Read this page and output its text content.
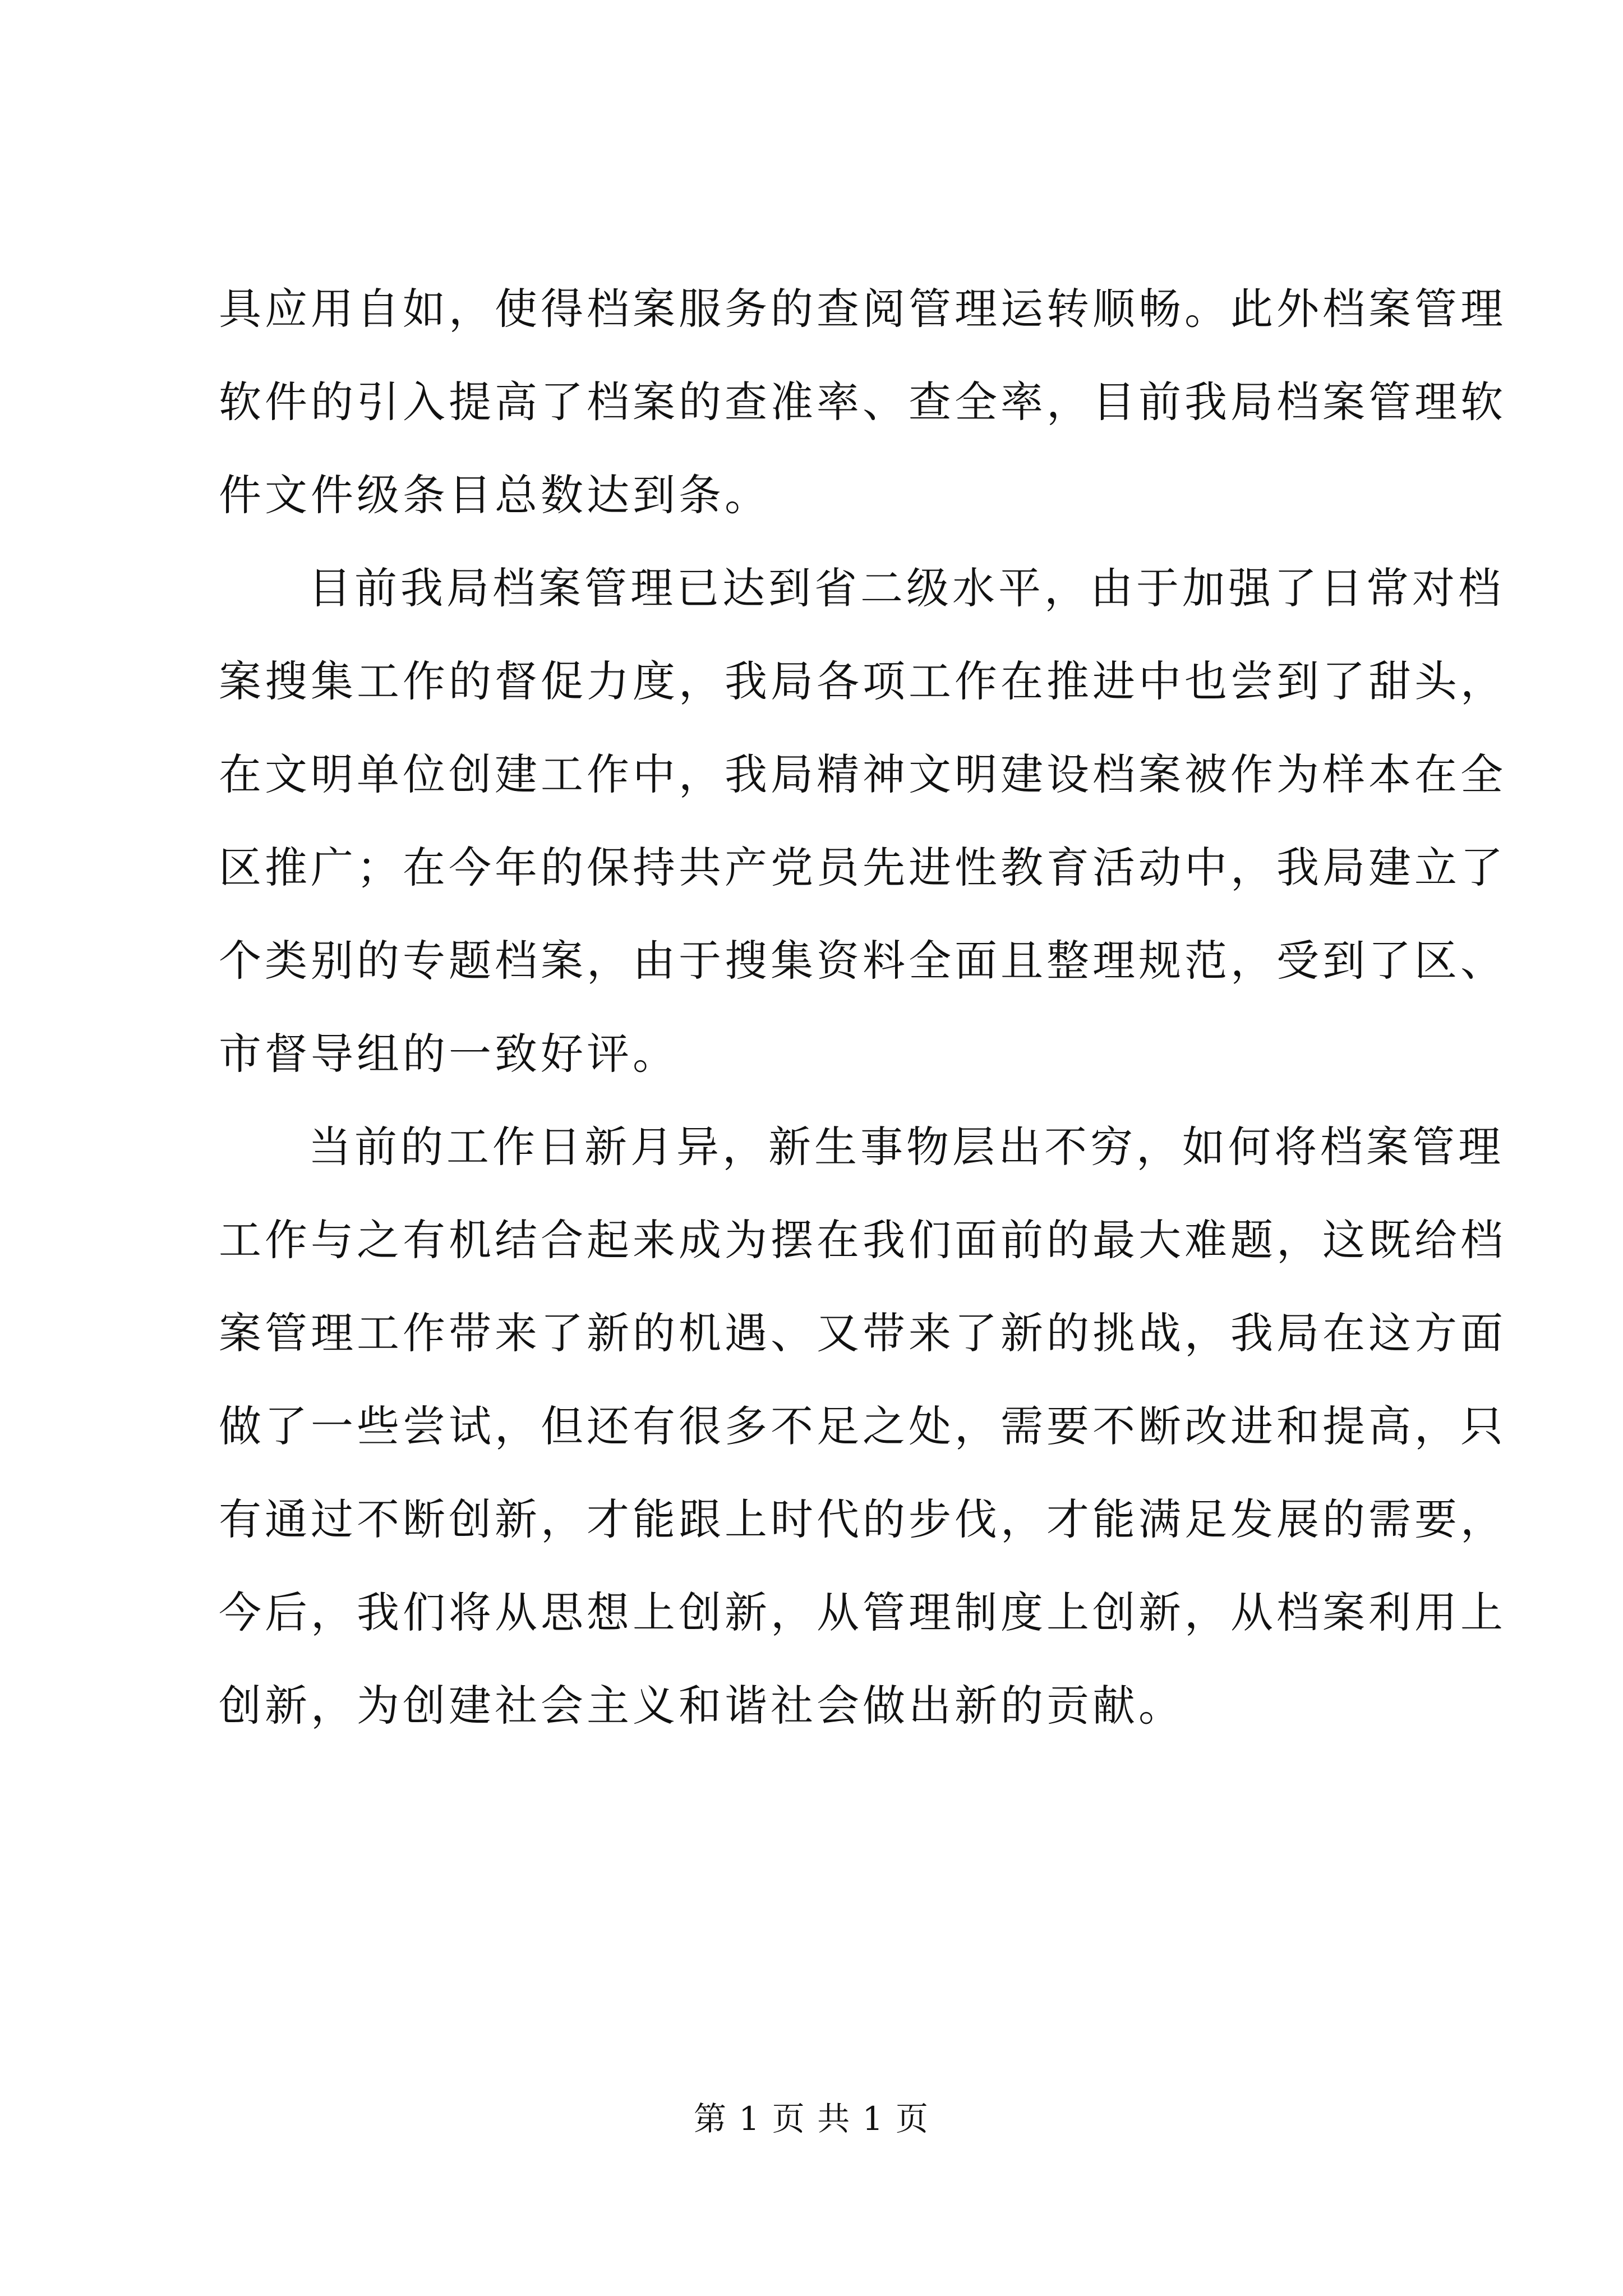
具应用自如，使得档案服务的查阅管理运转顺畅。此外档案管理
软件的引入提高了档案的查准率、查全率，目前我局档案管理软
件文件级条目总数达到条。
目前我局档案管理已达到省二级水平，由于加强了日常对档
案搜集工作的督促力度，我局各项工作在推进中也尝到了甜头，
在文明单位创建工作中，我局精神文明建设档案被作为样本在全
区推广；在今年的保持共产党员先进性教育活动中，我局建立了
个类别的专题档案，由于搜集资料全面且整理规范，受到了区、
市督导组的一致好评。
当前的工作日新月异，新生事物层出不穷，如何将档案管理
工作与之有机结合起来成为摆在我们面前的最大难题，这既给档
案管理工作带来了新的机遇、又带来了新的挑战，我局在这方面
做了一些尝试，但还有很多不足之处，需要不断改进和提高，只
有通过不断创新，才能跟上时代的步伐，才能满足发展的需要，
今后，我们将从思想上创新，从管理制度上创新，从档案利用上
创新，为创建社会主义和谐社会做出新的贡献。
第 1 页 共 1 页
